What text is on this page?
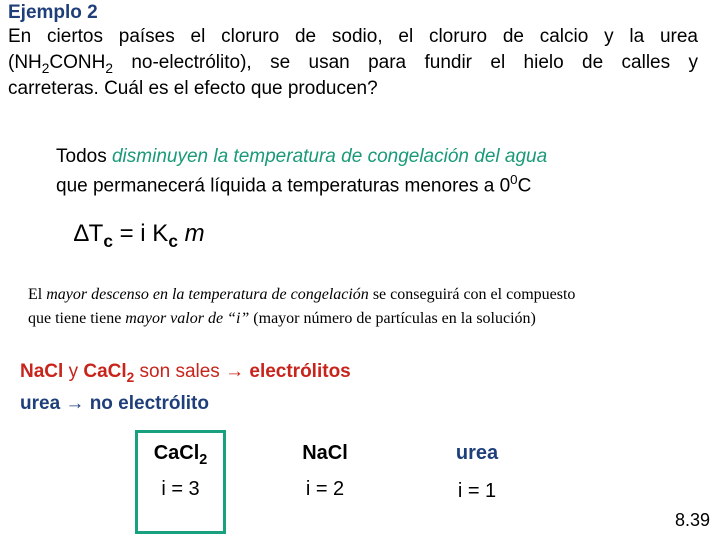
Ejemplo 2
En ciertos países el cloruro de sodio, el cloruro de calcio y la urea
($NH_2CONH_2$ no-electrólito), se usan para fundir el hielo de calles y
carreteras. Cuál es el efecto que producen?
Todos disminuyen la temperatura de congelación del agua
que permanecerá líquida a temperaturas menores a $0^0C$
$\Delta T_c = i$ $K_c$ m
El mayor descenso en la temperatura de congelación se conseguirá con el compuesto
que tiene tiene mayor valor de “i” (mayor número de partículas en la solución)
NaCl y CaCl$_2$ son sales → electrólitos
urea → no electrólito
CaCl$_2$
i = 3
NaCl
i = 2
urea
i = 1
8.39
